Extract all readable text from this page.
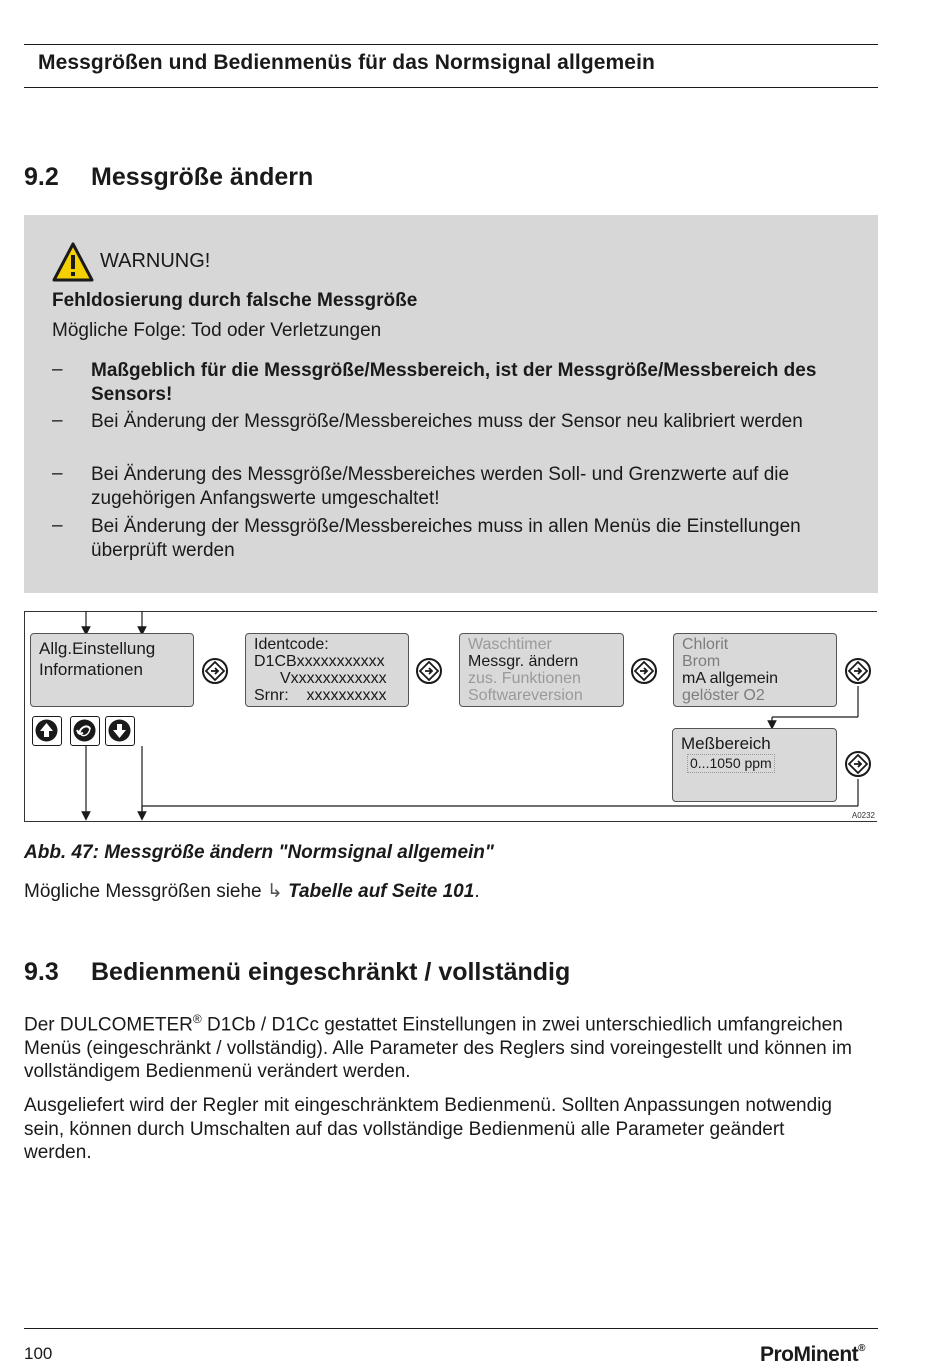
Messgrößen und Bedienmenüs für das Normsignal allgemein
9.2 Messgröße ändern
WARNUNG!
Fehldosierung durch falsche Messgröße
Mögliche Folge: Tod oder Verletzungen
– Maßgeblich für die Messgröße/Messbereich, ist der Messgröße/Messbereich des Sensors!
– Bei Änderung der Messgröße/Messbereiches muss der Sensor neu kalibriert werden
– Bei Änderung des Messgröße/Messbereiches werden Soll- und Grenzwerte auf die zugehörigen Anfangswerte umgeschaltet!
– Bei Änderung der Messgröße/Messbereiches muss in allen Menüs die Einstellungen überprüft werden
Allg.Einstellung
Informationen
Identcode:
D1CBxxxxxxxxxxx
Vxxxxxxxxxxxx
Srnr:    xxxxxxxxxx
Waschtimer
Messgr. ändern
zus. Funktionen
Softwareversion
Chlorit
Brom
mA allgemein
gelöster O2
Meßbereich
0...1050 ppm
A0232
Abb. 47: Messgröße ändern "Normsignal allgemein"
Mögliche Messgrößen siehe ↳ Tabelle auf Seite 101.
9.3 Bedienmenü eingeschränkt / vollständig
Der DULCOMETER® D1Cb / D1Cc gestattet Einstellungen in zwei unterschiedlich umfangreichen Menüs (eingeschränkt / vollständig). Alle Parameter des Reglers sind voreingestellt und können im vollständigem Bedienmenü verändert werden.
Ausgeliefert wird der Regler mit eingeschränktem Bedienmenü. Sollten Anpassungen notwendig sein, können durch Umschalten auf das vollständige Bedienmenü alle Parameter geändert werden.
100	ProMinent®
